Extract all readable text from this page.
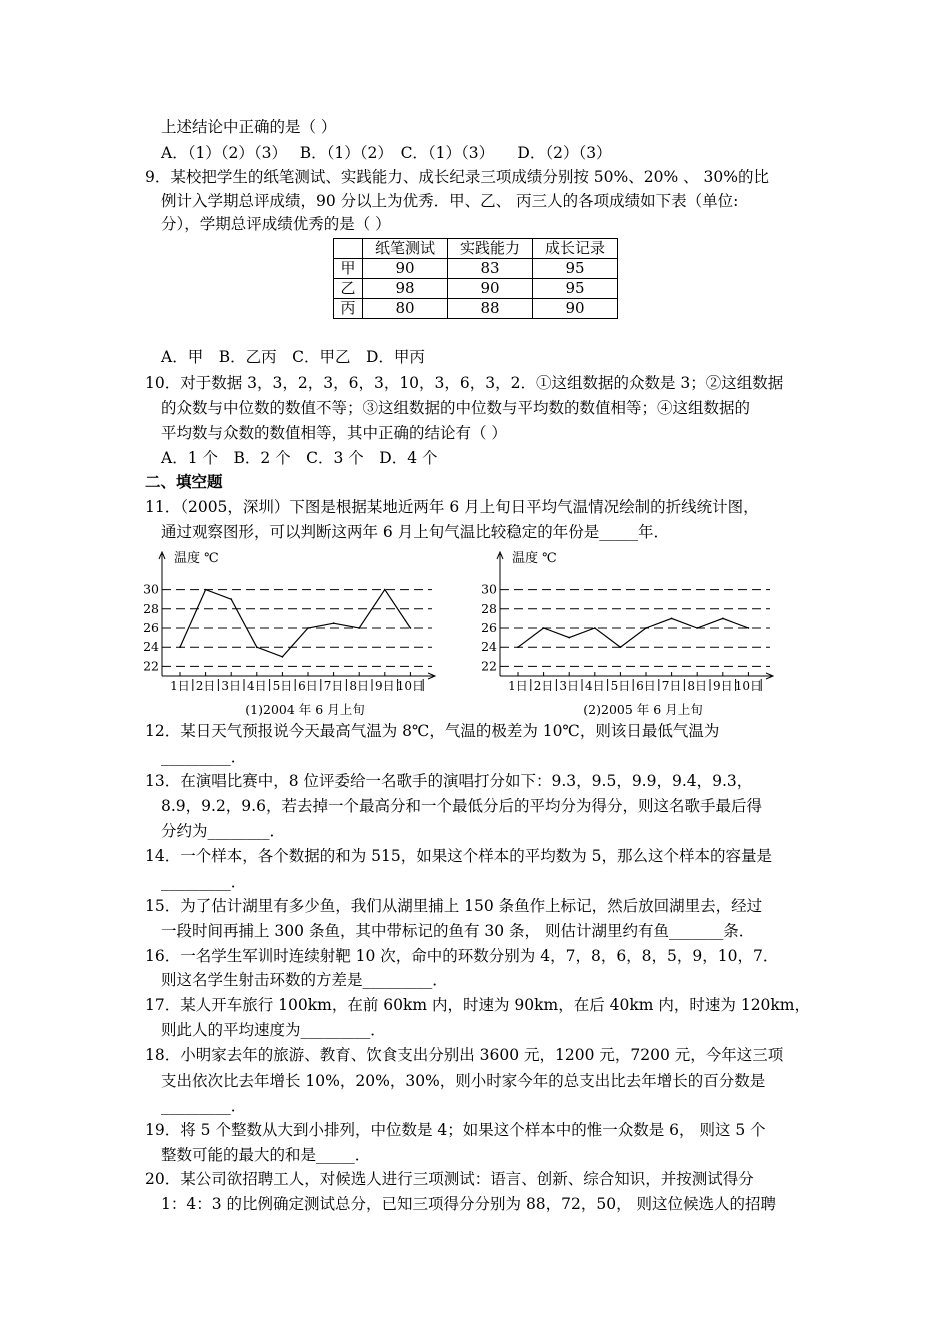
上述结论中正确的是（ ）
A．（1）（2）（3）　 B．（1）（2）　C．（1）（3）　　D．（2）（3）
9．某校把学生的纸笔测试、实践能力、成长纪录三项成绩分别按 50%、20% 、 30%的比
例计入学期总评成绩，90 分以上为优秀．甲、乙、 丙三人的各项成绩如下表（单位:
分），学期总评成绩优秀的是（ ）
	纸笔测试	实践能力	成长记录
甲	90	83	95
乙	98	90	95
丙	80	88	90
A．甲　B．乙丙　C．甲乙　D．甲丙
10．对于数据 3，3，2，3，6，3，10，3，6，3，2．①这组数据的众数是 3；②这组数据
的众数与中位数的数值不等；③这组数据的中位数与平均数的数值相等；④这组数据的
平均数与众数的数值相等，其中正确的结论有（ ）
A．1 个　B．2 个　C．3 个　D．4 个
二、填空题
11．（2005，深圳）下图是根据某地近两年 6 月上旬日平均气温情况绘制的折线统计图，
通过观察图形，可以判断这两年 6 月上旬气温比较稳定的年份是_____年．
温度 ℃
22
24
26
28
30
1日 2日 3日 4日 5日 6日 7日 8日 9日 10日
(1)2004 年 6 月上旬
温度 ℃
22
24
26
28
30
1日 2日 3日 4日 5日 6日 7日 8日 9日 10日
(2)2005 年 6 月上旬
12．某日天气预报说今天最高气温为 8℃，气温的极差为 10℃，则该日最低气温为
_________．
13．在演唱比赛中，8 位评委给一名歌手的演唱打分如下：9.3，9.5，9.9，9.4，9.3，
8.9，9.2，9.6，若去掉一个最高分和一个最低分后的平均分为得分，则这名歌手最后得
分约为________．
14．一个样本，各个数据的和为 515，如果这个样本的平均数为 5，那么这个样本的容量是
_________．
15．为了估计湖里有多少鱼，我们从湖里捕上 150 条鱼作上标记，然后放回湖里去，经过
一段时间再捕上 300 条鱼，其中带标记的鱼有 30 条， 则估计湖里约有鱼_______条．
16．一名学生军训时连续射靶 10 次，命中的环数分别为 4，7，8，6，8，5，9，10，7．
则这名学生射击环数的方差是_________．
17．某人开车旅行 100km，在前 60km 内，时速为 90km，在后 40km 内，时速为 120km，
则此人的平均速度为_________．
18．小明家去年的旅游、教育、饮食支出分别出 3600 元，1200 元，7200 元，今年这三项
支出依次比去年增长 10%，20%，30%，则小时家今年的总支出比去年增长的百分数是
_________．
19．将 5 个整数从大到小排列，中位数是 4；如果这个样本中的惟一众数是 6， 则这 5 个
整数可能的最大的和是_____．
20．某公司欲招聘工人，对候选人进行三项测试：语言、创新、综合知识，并按测试得分
1：4：3 的比例确定测试总分，已知三项得分分别为 88，72，50， 则这位候选人的招聘
